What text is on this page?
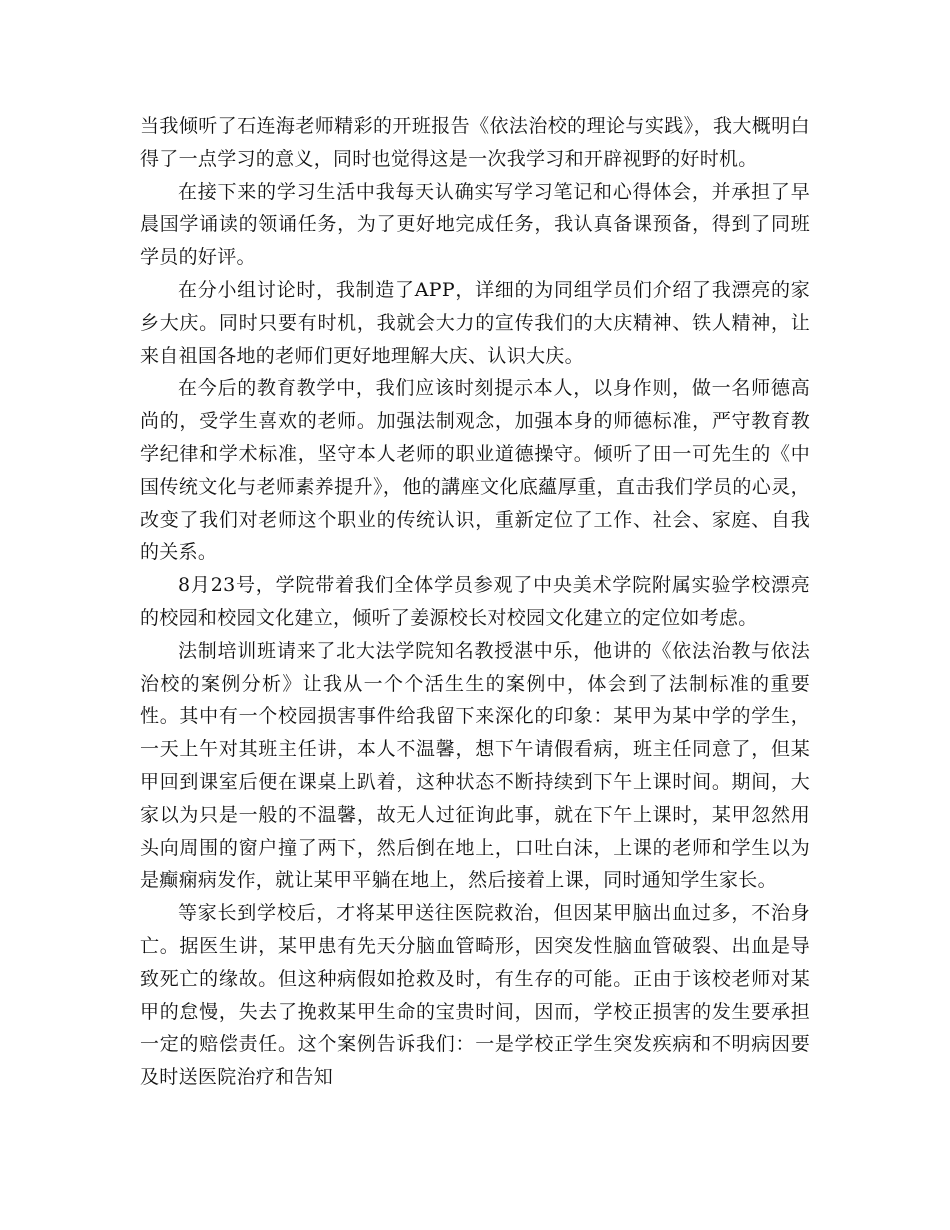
当我倾听了石连海老师精彩的开班报告《依法治校的理论与实践》，我大概明白得了一点学习的意义，同时也觉得这是一次我学习和开辟视野的好时机。

在接下来的学习生活中我每天认确实写学习笔记和心得体会，并承担了早晨国学诵读的领诵任务，为了更好地完成任务，我认真备课预备，得到了同班学员的好评。

在分小组讨论时，我制造了APP，详细的为同组学员们介绍了我漂亮的家乡大庆。同时只要有时机，我就会大力的宣传我们的大庆精神、铁人精神，让来自祖国各地的老师们更好地理解大庆、认识大庆。

在今后的教育教学中，我们应该时刻提示本人，以身作则，做一名师德高尚的，受学生喜欢的老师。加强法制观念，加强本身的师德标准，严守教育教学纪律和学术标准，坚守本人老师的职业道德操守。倾听了田一可先生的《中国传统文化与老师素养提升》，他的講座文化底蘊厚重，直击我们学员的心灵，改变了我们对老师这个职业的传统认识，重新定位了工作、社会、家庭、自我的关系。

8月23号，学院带着我们全体学员参观了中央美术学院附属实验学校漂亮的校园和校园文化建立，倾听了姜源校长对校园文化建立的定位如考虑。

法制培训班请来了北大法学院知名教授湛中乐，他讲的《依法治教与依法治校的案例分析》让我从一个个活生生的案例中，体会到了法制标准的重要性。其中有一个校园损害事件给我留下来深化的印象：某甲为某中学的学生，一天上午对其班主任讲，本人不温馨，想下午请假看病，班主任同意了，但某甲回到课室后便在课桌上趴着，这种状态不断持续到下午上课时间。期间，大家以为只是一般的不温馨，故无人过征询此事，就在下午上课时，某甲忽然用头向周围的窗户撞了两下，然后倒在地上，口吐白沫，上课的老师和学生以为是癫痫病发作，就让某甲平躺在地上，然后接着上课，同时通知学生家长。

等家长到学校后，才将某甲送往医院救治，但因某甲脑出血过多，不治身亡。据医生讲，某甲患有先天分脑血管畸形，因突发性脑血管破裂、出血是导致死亡的缘故。但这种病假如抢救及时，有生存的可能。正由于该校老师对某甲的怠慢，失去了挽救某甲生命的宝贵时间，因而，学校正损害的发生要承担一定的赔偿责任。这个案例告诉我们：一是学校正学生突发疾病和不明病因要及时送医院治疗和告知
